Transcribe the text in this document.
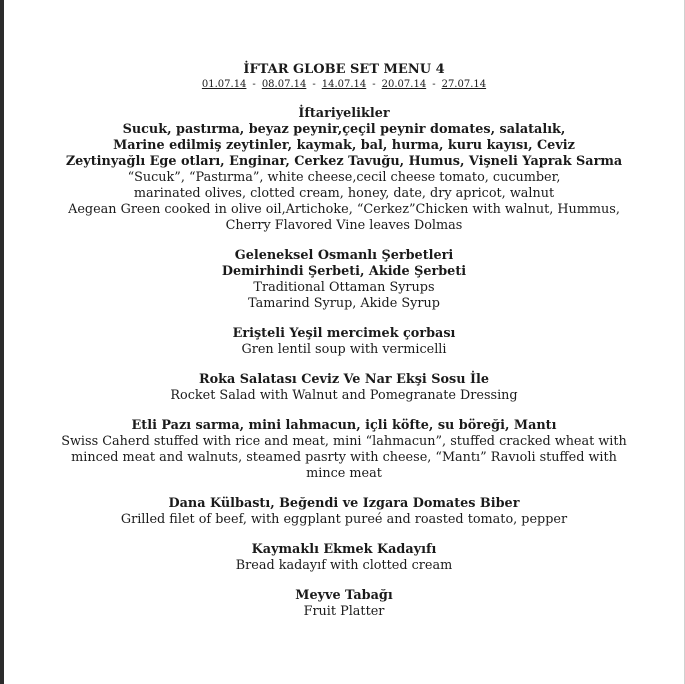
İFTAR GLOBE SET MENU 4
01.07.14 - 08.07.14 - 14.07.14 - 20.07.14 - 27.07.14
İftariyelikler
Sucuk, pastırma, beyaz peynir,çeçil peynir domates, salatalık,
Marine edilmiş zeytinler, kaymak, bal, hurma, kuru kayısı, Ceviz
Zeytinyağlı Ege otları, Enginar, Cerkez Tavuğu, Humus, Vişneli Yaprak Sarma
“Sucuk”, “Pastırma”, white cheese,cecil cheese tomato, cucumber,
marinated olives, clotted cream, honey, date, dry apricot, walnut
Aegean Green cooked in olive oil,Artichoke, “Cerkez”Chicken with walnut, Hummus,
Cherry Flavored Vine leaves Dolmas
Geleneksel Osmanlı Şerbetleri
Demirhindi Şerbeti, Akide Şerbeti
Traditional Ottaman Syrups
Tamarind Syrup, Akide Syrup
Erişteli Yeşil mercimek çorbası
Gren lentil soup with vermicelli
Roka Salatası Ceviz Ve Nar Ekşi Sosu İle
Rocket Salad with Walnut and Pomegranate Dressing
Etli Pazı sarma, mini lahmacun, içli köfte, su böreği, Mantı
Swiss Caherd stuffed with rice and meat, mini “lahmacun”, stuffed cracked wheat with
minced meat and walnuts, steamed pasrty with cheese, “Mantı” Ravıoli stuffed with
mince meat
Dana Külbastı, Beğendi ve Izgara Domates Biber
Grilled filet of beef, with eggplant pureé and roasted tomato, pepper
Kaymaklı Ekmek Kadayıfı
Bread kadayıf with clotted cream
Meyve Tabağı
Fruit Platter
